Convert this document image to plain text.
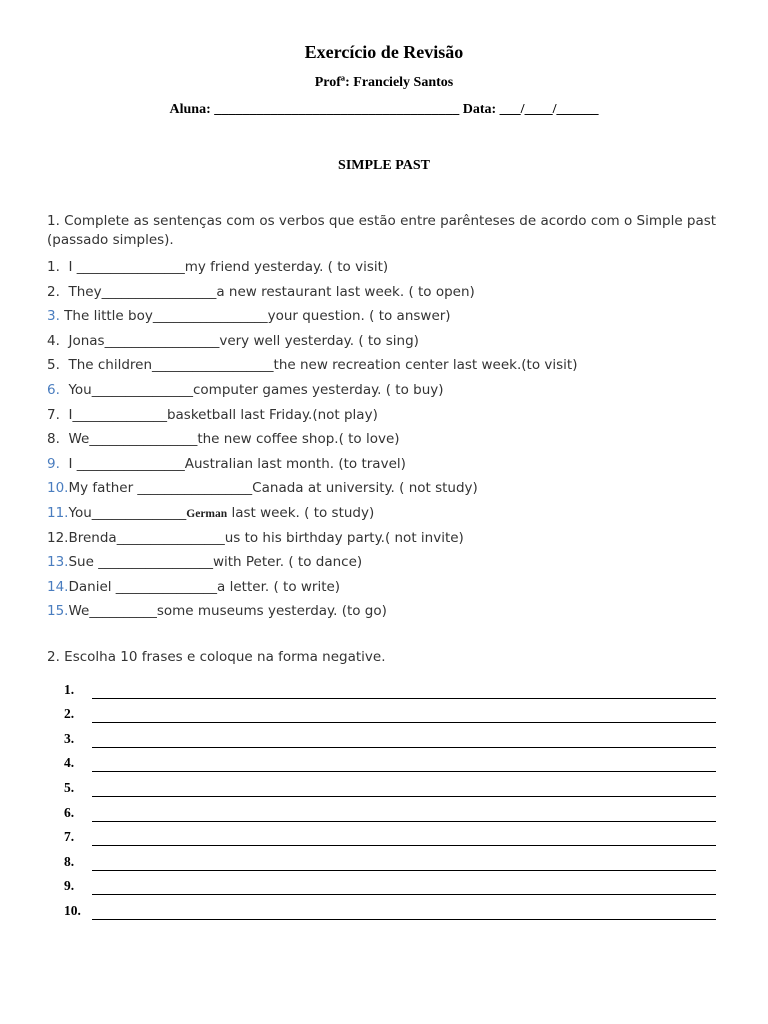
Exercício de Revisão
Profª: Franciely Santos
Aluna: ___________________________________ Data: ___/____/______
SIMPLE PAST
1. Complete as sentenças com os verbos que estão entre parênteses de acordo com o Simple past (passado simples).
1.  I ________________my friend yesterday. ( to visit)
2.  They_________________a new restaurant last week. ( to open)
3. The little boy_________________your question. ( to answer)
4.  Jonas_________________very well yesterday. ( to sing)
5.  The children__________________the new recreation center last week.(to visit)
6.  You_______________computer games yesterday. ( to buy)
7.  I______________basketball last Friday.(not play)
8.  We________________the new coffee shop.( to love)
9.  I ________________Australian last month. (to travel)
10.My father _________________Canada at university. ( not study)
11.You______________German last week. ( to study)
12.Brenda________________us to his birthday party.( not invite)
13.Sue _________________with Peter. ( to dance)
14.Daniel _______________a letter. ( to write)
15.We__________some museums yesterday. (to go)
2. Escolha 10 frases e coloque na forma negative.
1.
2.
3.
4.
5.
6.
7.
8.
9.
10.
